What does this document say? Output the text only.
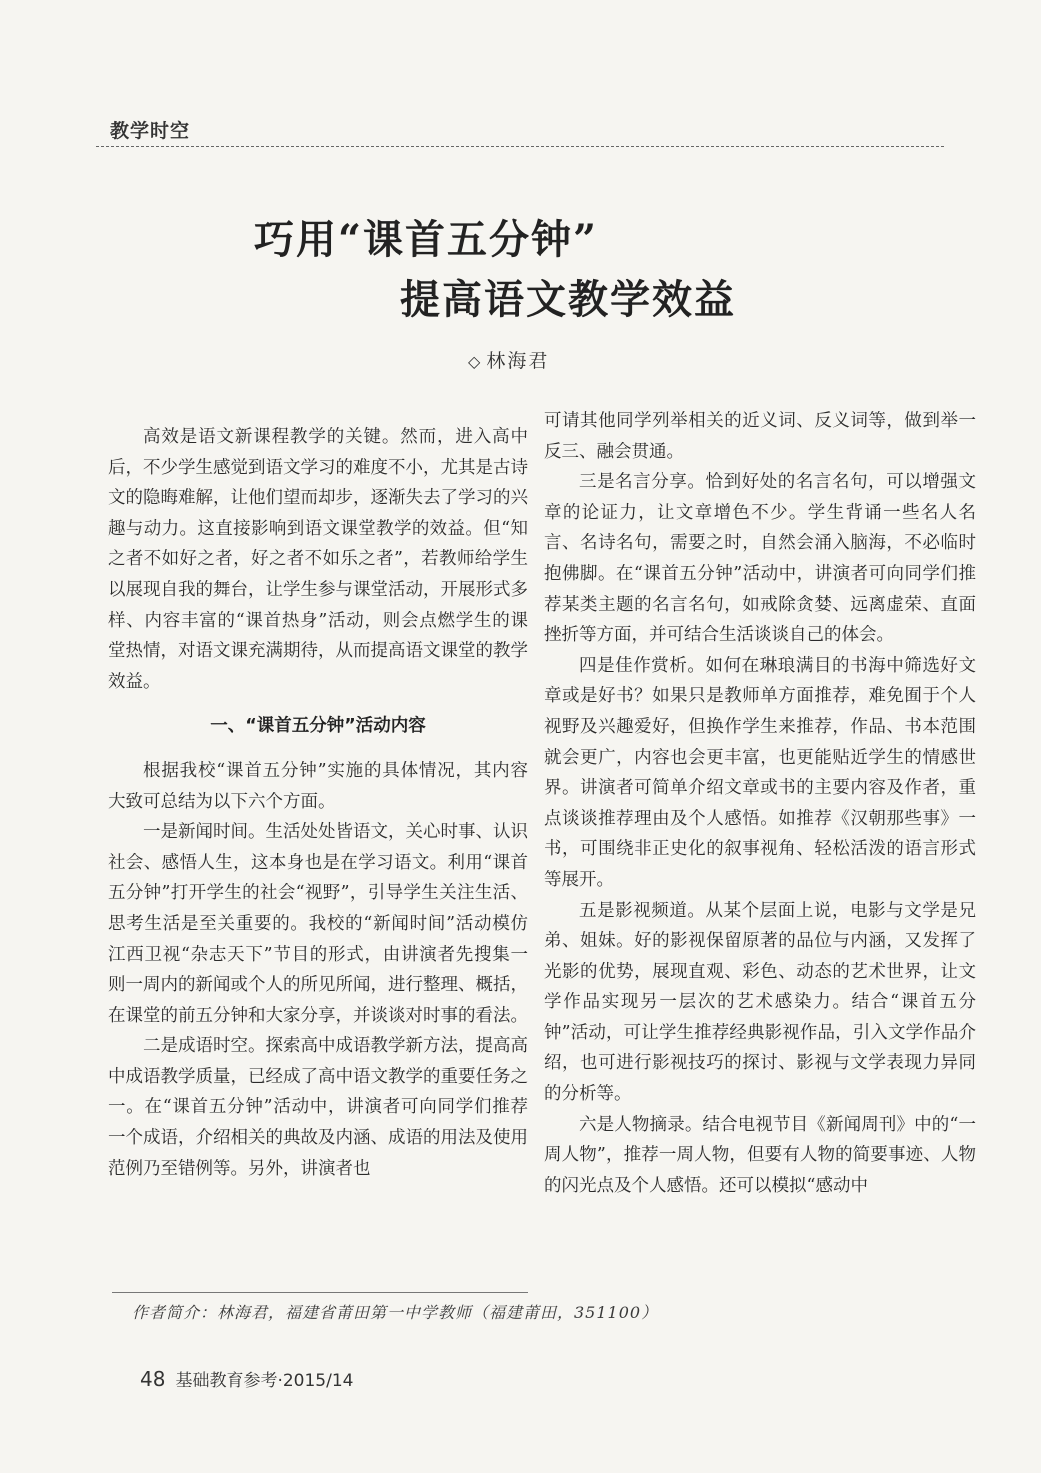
教学时空
巧用“课首五分钟”
提高语文教学效益
◇ 林海君

高效是语文新课程教学的关键。然而，进入高中后，不少学生感觉到语文学习的难度不小，尤其是古诗文的隐晦难解，让他们望而却步，逐渐失去了学习的兴趣与动力。这直接影响到语文课堂教学的效益。但“知之者不如好之者，好之者不如乐之者”，若教师给学生以展现自我的舞台，让学生参与课堂活动，开展形式多样、内容丰富的“课首热身”活动，则会点燃学生的课堂热情，对语文课充满期待，从而提高语文课堂的教学效益。

一、“课首五分钟”活动内容

根据我校“课首五分钟”实施的具体情况，其内容大致可总结为以下六个方面。

一是新闻时间。生活处处皆语文，关心时事、认识社会、感悟人生，这本身也是在学习语文。利用“课首五分钟”打开学生的社会“视野”，引导学生关注生活、思考生活是至关重要的。我校的“新闻时间”活动模仿江西卫视“杂志天下”节目的形式，由讲演者先搜集一则一周内的新闻或个人的所见所闻，进行整理、概括，在课堂的前五分钟和大家分享，并谈谈对时事的看法。

二是成语时空。探索高中成语教学新方法，提高高中成语教学质量，已经成了高中语文教学的重要任务之一。在“课首五分钟”活动中，讲演者可向同学们推荐一个成语，介绍相关的典故及内涵、成语的用法及使用范例乃至错例等。另外，讲演者也

可请其他同学列举相关的近义词、反义词等，做到举一反三、融会贯通。

三是名言分享。恰到好处的名言名句，可以增强文章的论证力，让文章增色不少。学生背诵一些名人名言、名诗名句，需要之时，自然会涌入脑海，不必临时抱佛脚。在“课首五分钟”活动中，讲演者可向同学们推荐某类主题的名言名句，如戒除贪婪、远离虚荣、直面挫折等方面，并可结合生活谈谈自己的体会。

四是佳作赏析。如何在琳琅满目的书海中筛选好文章或是好书？如果只是教师单方面推荐，难免囿于个人视野及兴趣爱好，但换作学生来推荐，作品、书本范围就会更广，内容也会更丰富，也更能贴近学生的情感世界。讲演者可简单介绍文章或书的主要内容及作者，重点谈谈推荐理由及个人感悟。如推荐《汉朝那些事》一书，可围绕非正史化的叙事视角、轻松活泼的语言形式等展开。

五是影视频道。从某个层面上说，电影与文学是兄弟、姐妹。好的影视保留原著的品位与内涵，又发挥了光影的优势，展现直观、彩色、动态的艺术世界，让文学作品实现另一层次的艺术感染力。结合“课首五分钟”活动，可让学生推荐经典影视作品，引入文学作品介绍，也可进行影视技巧的探讨、影视与文学表现力异同的分析等。

六是人物摘录。结合电视节目《新闻周刊》中的“一周人物”，推荐一周人物，但要有人物的简要事迹、人物的闪光点及个人感悟。还可以模拟“感动中

作者简介：林海君，福建省莆田第一中学教师（福建莆田，351100）
48 基础教育参考·2015/14
